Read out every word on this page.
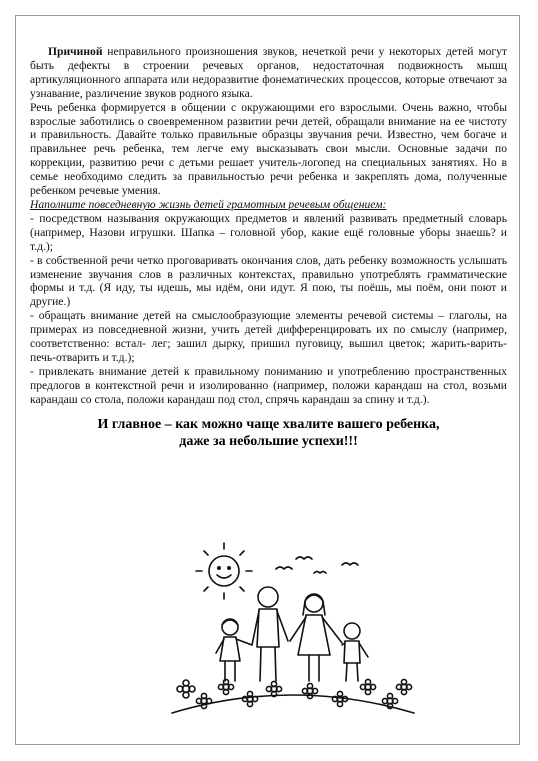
Причиной неправильного произношения звуков, нечеткой речи у некоторых детей могут быть дефекты в строении речевых органов, недостаточная подвижность мышц артикуляционного аппарата или недоразвитие фонематических процессов, которые отвечают за узнавание, различение звуков родного языка.

Речь ребенка формируется в общении с окружающими его взрослыми. Очень важно, чтобы взрослые заботились о своевременном развитии речи детей, обращали внимание на ее чистоту и правильность. Давайте только правильные образцы звучания речи. Известно, чем богаче и правильнее речь ребенка, тем легче ему высказывать свои мысли. Основные задачи по коррекции, развитию речи с детьми решает учитель-логопед на специальных занятиях. Но в семье необходимо следить за правильностью речи ребенка и закреплять дома, полученные ребенком речевые умения.

Наполните повседневную жизнь детей грамотным речевым общением:

- посредством называния окружающих предметов и явлений развивать предметный словарь (например, Назови игрушки. Шапка – головной убор, какие ещё головные уборы знаешь? и т.д.);

- в собственной речи четко проговаривать окончания слов, дать ребенку возможность услышать изменение звучания слов в различных контекстах, правильно употреблять грамматические формы и т.д. (Я иду, ты идешь, мы идём, они идут. Я пою, ты поёшь, мы поём, они поют и другие.)

- обращать внимание детей на смыслообразующие элементы речевой системы – глаголы, на примерах из повседневной жизни, учить детей дифференцировать их по смыслу (например, соответственно: встал- лег; зашил дырку, пришил пуговицу, вышил цветок; жарить-варить-печь-отварить и т.д.);

- привлекать внимание детей к правильному пониманию и употреблению пространственных предлогов в контекстной речи и изолированно (например, положи карандаш на стол, возьми карандаш со стола, положи карандаш под стол, спрячь карандаш за спину и т.д.).

И главное – как можно чаще хвалите вашего ребенка,
даже за небольшие успехи!!!
